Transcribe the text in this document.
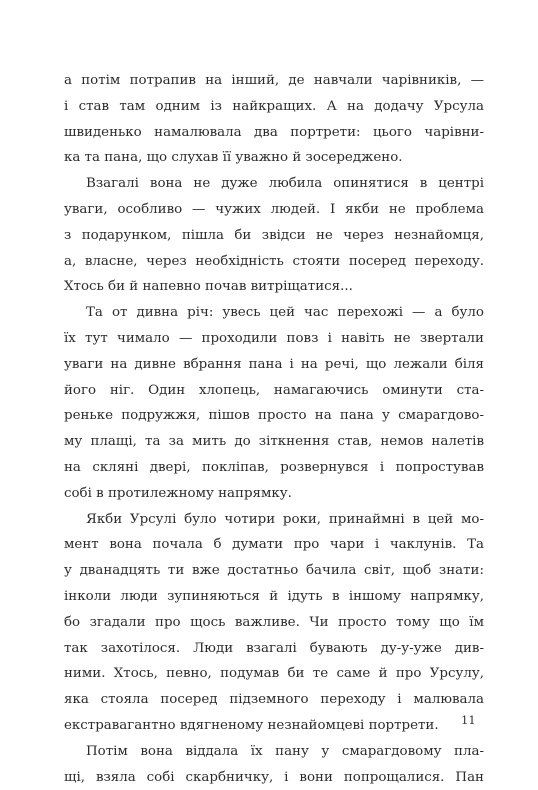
а потім потрапив на інший, де навчали чарівників, —
і став там одним із найкращих. А на додачу Урсула
швиденько намалювала два портрети: цього чарівни-
ка та пана, що слухав її уважно й зосереджено.
Взагалі вона не дуже любила опинятися в центрі
уваги, особливо — чужих людей. І якби не проблема
з подарунком, пішла би звідси не через незнайомця,
а, власне, через необхідність стояти посеред переходу.
Хтось би й напевно почав витріщатися...
Та от дивна річ: увесь цей час перехожі — а було
їх тут чимало — проходили повз і навіть не звертали
уваги на дивне вбрання пана і на речі, що лежали біля
його ніг. Один хлопець, намагаючись оминути ста-
реньке подружжя, пішов просто на пана у смарагдово-
му плащі, та за мить до зіткнення став, немов налетів
на скляні двері, покліпав, розвернувся і попростував
собі в протилежному напрямку.
Якби Урсулі було чотири роки, принаймні в цей мо-
мент вона почала б думати про чари і чаклунів. Та
у дванадцять ти вже достатньо бачила світ, щоб знати:
інколи люди зупиняються й ідуть в іншому напрямку,
бо згадали про щось важливе. Чи просто тому що їм
так захотілося. Люди взагалі бувають ду-у-уже див-
ними. Хтось, певно, подумав би те саме й про Урсулу,
яка стояла посеред підземного переходу і малювала
екстравагантно вдягненому незнайомцеві портрети.
Потім вона віддала їх пану у смарагдовому пла-
щі, взяла собі скарбничку, і вони попрощалися. Пан
11
